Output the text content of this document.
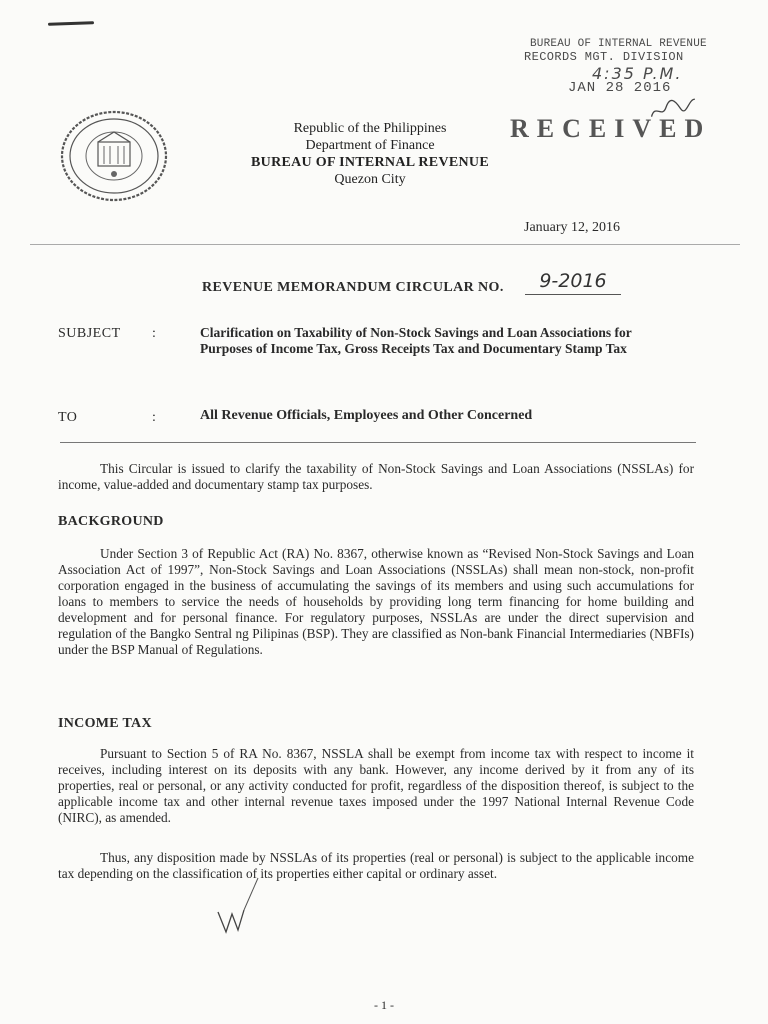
Republic of the Philippines
Department of Finance
BUREAU OF INTERNAL REVENUE
Quezon City
BUREAU OF INTERNAL REVENUE
RECORDS MGT. DIVISION
4:35 P.M.
JAN 28 2016
RECEIVED
January 12, 2016
REVENUE MEMORANDUM CIRCULAR NO.	9-2016
SUBJECT :	Clarification on Taxability of Non-Stock Savings and Loan Associations for Purposes of Income Tax, Gross Receipts Tax and Documentary Stamp Tax
TO	:	All Revenue Officials, Employees and Other Concerned
This Circular is issued to clarify the taxability of Non-Stock Savings and Loan Associations (NSSLAs) for income, value-added and documentary stamp tax purposes.
BACKGROUND
Under Section 3 of Republic Act (RA) No. 8367, otherwise known as “Revised Non-Stock Savings and Loan Association Act of 1997”, Non-Stock Savings and Loan Associations (NSSLAs) shall mean non-stock, non-profit corporation engaged in the business of accumulating the savings of its members and using such accumulations for loans to members to service the needs of households by providing long term financing for home building and development and for personal finance. For regulatory purposes, NSSLAs are under the direct supervision and regulation of the Bangko Sentral ng Pilipinas (BSP). They are classified as Non-bank Financial Intermediaries (NBFIs) under the BSP Manual of Regulations.
INCOME TAX
Pursuant to Section 5 of RA No. 8367, NSSLA shall be exempt from income tax with respect to income it receives, including interest on its deposits with any bank. However, any income derived by it from any of its properties, real or personal, or any activity conducted for profit, regardless of the disposition thereof, is subject to the applicable income tax and other internal revenue taxes imposed under the 1997 National Internal Revenue Code (NIRC), as amended.
Thus, any disposition made by NSSLAs of its properties (real or personal) is subject to the applicable income tax depending on the classification of its properties either capital or ordinary asset.
- 1 -
